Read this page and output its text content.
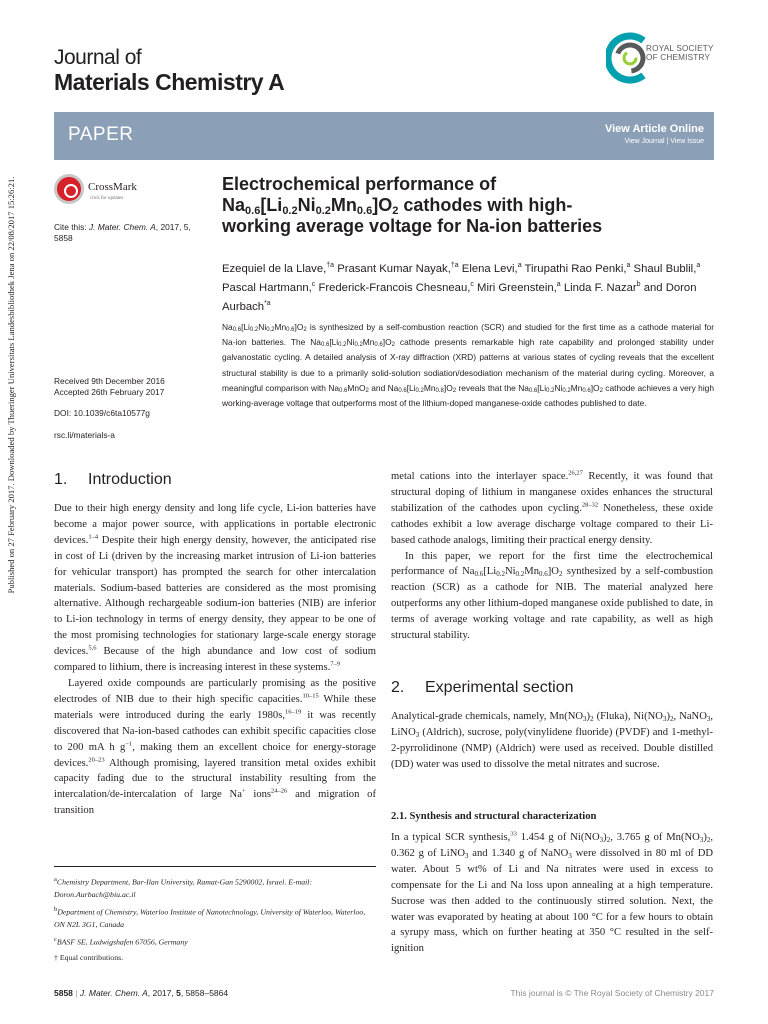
Published on 27 February 2017. Downloaded by Thueringer Universitats Landesbibliothek Jena on 22/08/2017 15:26:21.
Journal of
Materials Chemistry A
ROYAL SOCIETY
OF CHEMISTRY
PAPER	View Article Online
View Journal | View Issue
CrossMark
click for updates
Cite this: J. Mater. Chem. A, 2017, 5,
5858
Received 9th December 2016
Accepted 26th February 2017
DOI: 10.1039/c6ta10577g
rsc.li/materials-a
Electrochemical performance of
$Na_{0.6}[Li_{0.2}Ni_{0.2}Mn_{0.6}]O_2$ cathodes with high-
working average voltage for Na-ion batteries
Ezequiel de la Llave,$^{\dagger a}$ Prasant Kumar Nayak,$^{\dagger a}$ Elena Levi,$^a$ Tirupathi Rao Penki,$^a$ Shaul Bublil,$^a$ Pascal Hartmann,$^c$ Frederick-Francois Chesneau,$^c$ Miri Greenstein,$^a$ Linda F. Nazar$^b$ and Doron Aurbach$^{*a}$
$Na_{0.6}[Li_{0.2}Ni_{0.2}Mn_{0.6}]O_2$ is synthesized by a self-combustion reaction (SCR) and studied for the first time as a cathode material for Na-ion batteries. The $Na_{0.6}[Li_{0.2}Ni_{0.2}Mn_{0.6}]O_2$ cathode presents remarkable high rate capability and prolonged stability under galvanostatic cycling. A detailed analysis of X-ray diffraction (XRD) patterns at various states of cycling reveals that the excellent structural stability is due to a primarily solid-solution sodiation/desodiation mechanism of the material during cycling. Moreover, a meaningful comparison with $Na_{0.6}MnO_2$ and $Na_{0.6}[Li_{0.2}Mn_{0.8}]O_2$ reveals that the $Na_{0.6}[Li_{0.2}Ni_{0.2}Mn_{0.6}]O_2$ cathode achieves a very high working-average voltage that outperforms most of the lithium-doped manganese-oxide cathodes published to date.
1. Introduction

Due to their high energy density and long life cycle, Li-ion batteries have become a major power source, with applications in portable electronic devices.$^{1-4}$ Despite their high energy density, however, the anticipated rise in cost of Li (driven by the increasing market intrusion of Li-ion batteries for vehicular transport) has prompted the search for other intercalation materials. Sodium-based batteries are considered as the most promising alternative. Although rechargeable sodium-ion batteries (NIB) are inferior to Li-ion technology in terms of energy density, they appear to be one of the most promising technologies for stationary large-scale energy storage devices.$^{5,6}$ Because of the high abundance and low cost of sodium compared to lithium, there is increasing interest in these systems.$^{7-9}$

Layered oxide compounds are particularly promising as the positive electrodes of NIB due to their high specific capacities.$^{10-15}$ While these materials were introduced during the early 1980s,$^{16-19}$ it was recently discovered that Na-ion-based cathodes can exhibit specific capacities close to 200 mA h $g^{-1}$, making them an excellent choice for energy-storage devices.$^{20-23}$ Although promising, layered transition metal oxides exhibit capacity fading due to the structural instability resulting from the intercalation/de-intercalation of large Na+ ions$^{24-26}$ and migration of transition

$^a$Chemistry Department, Bar-Ilan University, Ramat-Gan 5290002, Israel. E-mail: Doron.Aurbach@biu.ac.il

$^b$Department of Chemistry, Waterloo Institute of Nanotechnology, University of Waterloo, Waterloo, ON N2L 3G1, Canada

$^c$BASF SE, Ludwigshafen 67056, Germany

† Equal contributions.

metal cations into the interlayer space.$^{26,27}$ Recently, it was found that structural doping of lithium in manganese oxides enhances the structural stabilization of the cathodes upon cycling.$^{28-32}$ Nonetheless, these oxide cathodes exhibit a low average discharge voltage compared to their Li-based cathode analogs, limiting their practical energy density.

In this paper, we report for the first time the electrochemical performance of $Na_{0.6}[Li_{0.2}Ni_{0.2}Mn_{0.6}]O_2$ synthesized by a self-combustion reaction (SCR) as a cathode for NIB. The material analyzed here outperforms any other lithium-doped manganese oxide published to date, in terms of average working voltage and rate capability, as well as high structural stability.

2. Experimental section

Analytical-grade chemicals, namely, $Mn(NO_3)_2$ (Fluka), $Ni(NO_3)_2$, NaNO$_3$, LiNO$_3$ (Aldrich), sucrose, poly(vinylidene fluoride) (PVDF) and 1-methyl-2-pyrrolidinone (NMP) (Aldrich) were used as received. Double distilled (DD) water was used to dissolve the metal nitrates and sucrose.

2.1. Synthesis and structural characterization

In a typical SCR synthesis,$^{33}$ 1.454 g of $Ni(NO_3)_2$, 3.765 g of $Mn(NO_3)_2$, 0.362 g of LiNO$_3$ and 1.340 g of NaNO$_3$ were dissolved in 80 ml of DD water. About 5 wt% of Li and Na nitrates were used in excess to compensate for the Li and Na loss upon annealing at a high temperature. Sucrose was then added to the continuously stirred solution. Next, the water was evaporated by heating at about 100 °C for a few hours to obtain a syrupy mass, which on further heating at 350 °C resulted in the self-ignition

5858 | J. Mater. Chem. A, 2017, 5, 5858–5864	This journal is © The Royal Society of Chemistry 2017
